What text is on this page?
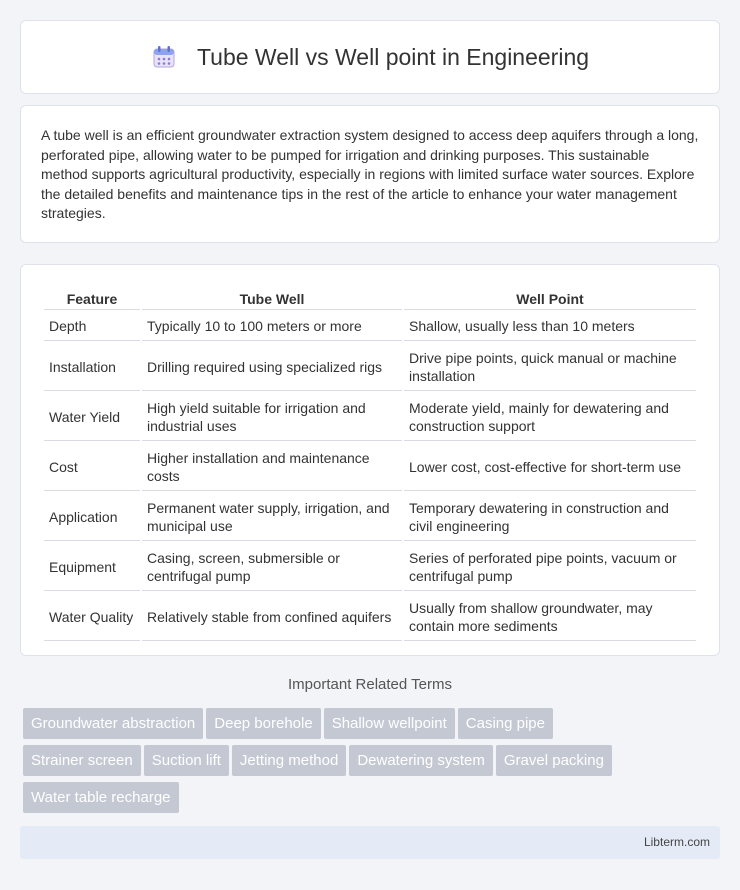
Tube Well vs Well point in Engineering

A tube well is an efficient groundwater extraction system designed to access deep aquifers through a long, perforated pipe, allowing water to be pumped for irrigation and drinking purposes. This sustainable method supports agricultural productivity, especially in regions with limited surface water sources. Explore the detailed benefits and maintenance tips in the rest of the article to enhance your water management strategies.

Feature	Tube Well	Well Point
Depth	Typically 10 to 100 meters or more	Shallow, usually less than 10 meters
Installation	Drilling required using specialized rigs	Drive pipe points, quick manual or machine installation
Water Yield	High yield suitable for irrigation and industrial uses	Moderate yield, mainly for dewatering and construction support
Cost	Higher installation and maintenance costs	Lower cost, cost-effective for short-term use
Application	Permanent water supply, irrigation, and municipal use	Temporary dewatering in construction and civil engineering
Equipment	Casing, screen, submersible or centrifugal pump	Series of perforated pipe points, vacuum or centrifugal pump
Water Quality	Relatively stable from confined aquifers	Usually from shallow groundwater, may contain more sediments
Important Related Terms
Groundwater abstraction Deep borehole Shallow wellpoint Casing pipe
Strainer screen Suction lift Jetting method Dewatering system Gravel packing
Water table recharge
Libterm.com
